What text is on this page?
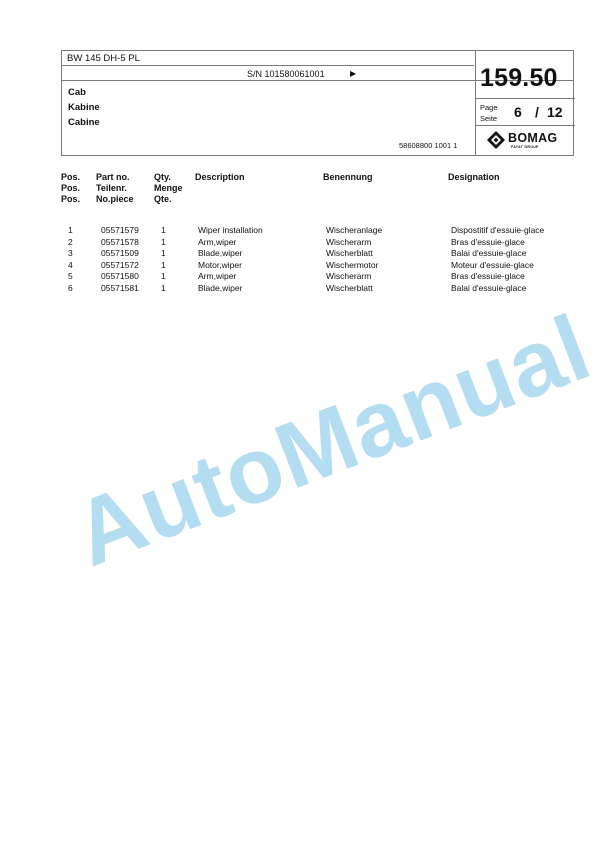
BW 145 DH-5 PL
S/N 101580061001	▶
Cab
Kabine
Cabine
58608800 1001 1
159.50
Page
Seite 6 / 12
BOMAG
FAYAT GROUP
Pos.
Pos.
Pos.
Part no.
Teilenr.
No.piece
Qty.
Menge
Qte.
Description	Benennung	Designation
1	05571579	1	Wiper installation	Wischeranlage	Dispostitif d'essuie-glace
2	05571578	1	Arm,wiper	Wischerarm	Bras d'essuie-glace
3	05571509	1	Blade,wiper	Wischerblatt	Balai d'essuie-glace
4	05571572	1	Motor,wiper	Wischermotor	Moteur d'essuie-glace
5	05571580	1	Arm,wiper	Wischerarm	Bras d'essuie-glace
6	05571581	1	Blade,wiper	Wischerblatt	Balai d'essuie-glace
AutoManual
